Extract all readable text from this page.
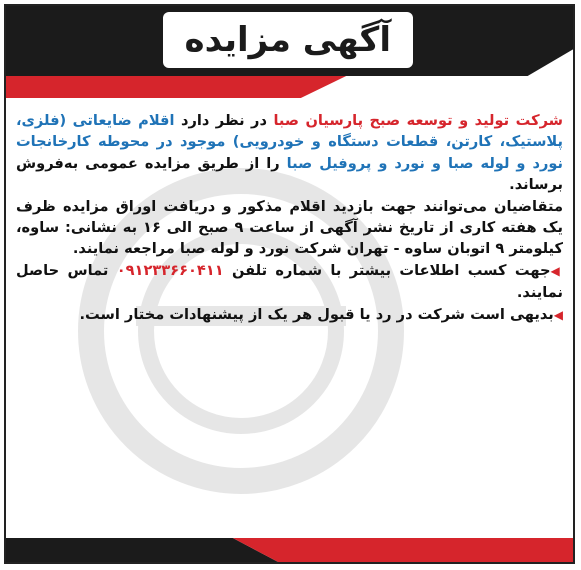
آگهی مزایده

شرکت تولید و توسعه صبح پارسیان صبا در نظر دارد اقلام ضایعاتی (فلزی، پلاستیک، کارتن، قطعات دستگاه و خودرویی) موجود در محوطه کارخانجات نورد و لوله صبا و نورد و پروفیل صبا را از طریق مزایده عمومی به‌فروش برساند.

متقاضیان می‌توانند جهت بازدید اقلام مذکور و دریافت اوراق مزایده ظرف یک هفته کاری از تاریخ نشر آگهی از ساعت ۹ صبح الی ۱۶ به نشانی: ساوه، کیلومتر ۹ اتوبان ساوه - تهران شرکت نورد و لوله صبا مراجعه نمایند.

◀جهت کسب اطلاعات بیشتر با شماره تلفن ۰۹۱۲۳۳۶۶۰۴۱۱ تماس حاصل نمایند.

◀بدیهی است شرکت در رد یا قبول هر یک از پیشنهادات مختار است.
